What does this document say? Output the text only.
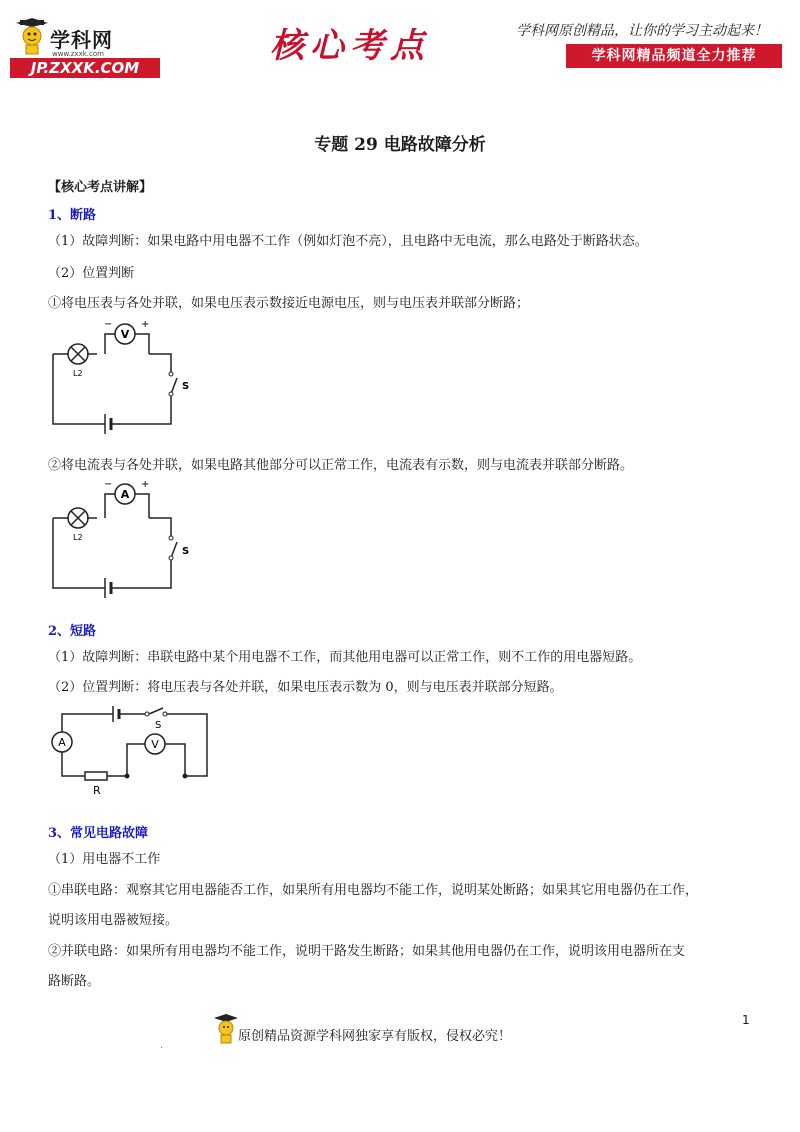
学科网
www.zxxk.com
JP.ZXXK.COM
核心考点	学科网原创精品，让你的学习主动起来！
学科网精品频道全力推荐
专题 29 电路故障分析
【核心考点讲解】
1、断路
（1）故障判断：如果电路中用电器不工作（例如灯泡不亮），且电路中无电流，那么电路处于断路状态。
（2）位置判断
①将电压表与各处并联，如果电压表示数接近电源电压，则与电压表并联部分断路；
V
−	+
L2
S
②将电流表与各处并联，如果电路其他部分可以正常工作，电流表有示数，则与电流表并联部分断路。
A
−	+
L2
S
2、短路
（1）故障判断：串联电路中某个用电器不工作，而其他用电器可以正常工作，则不工作的用电器短路。
（2）位置判断：将电压表与各处并联，如果电压表示数为 0，则与电压表并联部分短路。
A	V
S
R
3、常见电路故障
（1）用电器不工作
①串联电路：观察其它用电器能否工作，如果所有用电器均不能工作，说明某处断路；如果其它用电器仍在工作，
说明该用电器被短接。
②并联电路：如果所有用电器均不能工作，说明干路发生断路；如果其他用电器仍在工作，说明该用电器所在支
路断路。
1
原创精品资源学科网独家享有版权，侵权必究！
.
